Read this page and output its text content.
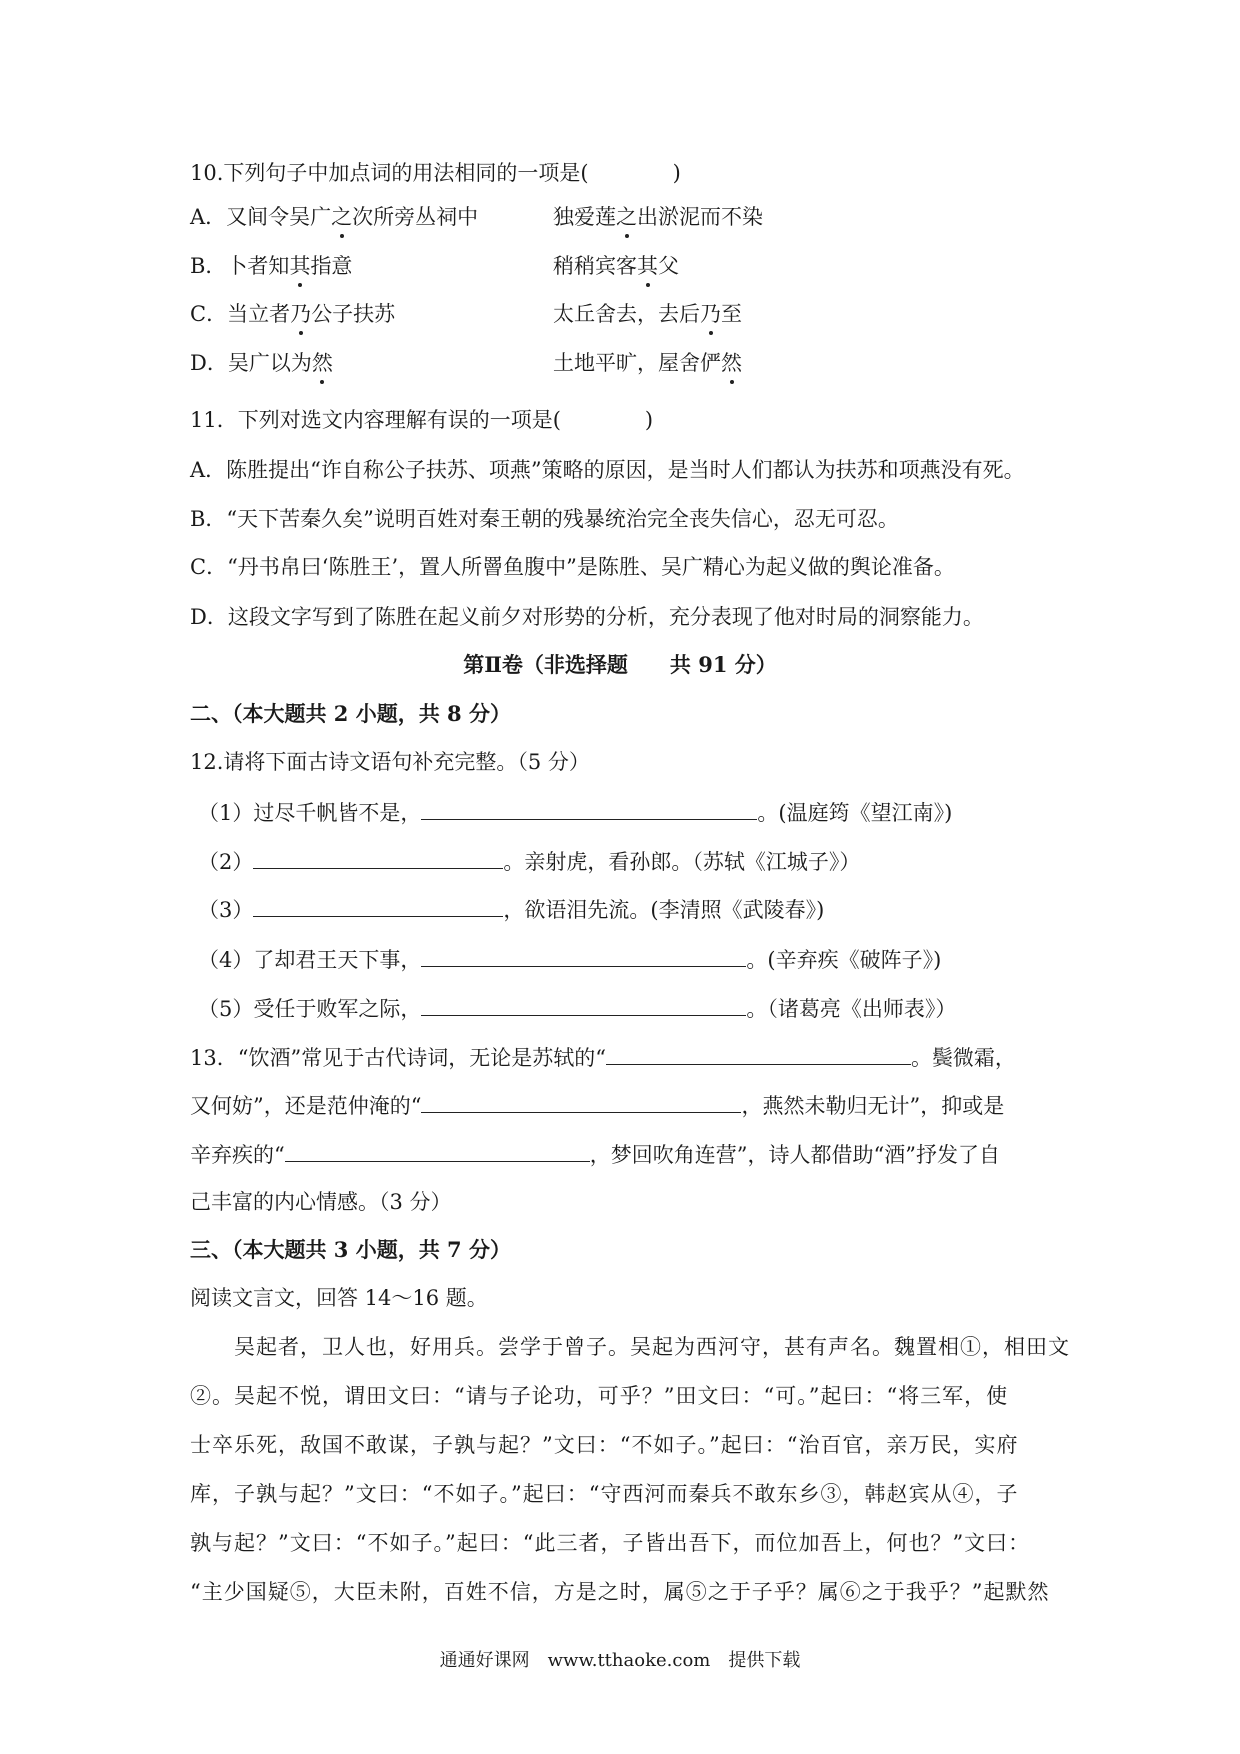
10.下列句子中加点词的用法相同的一项是(　　　　)
A．又间令吴广之次所旁丛祠中	独爱莲之出淤泥而不染
B．卜者知其指意	稍稍宾客其父
C．当立者乃公子扶苏	太丘舍去，去后乃至
D．吴广以为然	土地平旷，屋舍俨然
11．下列对选文内容理解有误的一项是(　　　　)
A．陈胜提出“诈自称公子扶苏、项燕”策略的原因，是当时人们都认为扶苏和项燕没有死。
B．“天下苦秦久矣”说明百姓对秦王朝的残暴统治完全丧失信心，忍无可忍。
C．“丹书帛曰‘陈胜王’，置人所罾鱼腹中”是陈胜、吴广精心为起义做的舆论准备。
D．这段文字写到了陈胜在起义前夕对形势的分析，充分表现了他对时局的洞察能力。
第Ⅱ卷（非选择题　　共 91 分）
二、（本大题共 2 小题，共 8 分）
12.请将下面古诗文语句补充完整。（5 分）
（1）过尽千帆皆不是，	。(温庭筠《望江南》)
（2）	。亲射虎，看孙郎。（苏轼《江城子》）
（3）	，欲语泪先流。(李清照《武陵春》)
（4）了却君王天下事，	。(辛弃疾《破阵子》)
（5）受任于败军之际，	。（诸葛亮《出师表》）
13．“饮酒”常见于古代诗词，无论是苏轼的“	。鬓微霜，
又何妨”，还是范仲淹的“	，燕然未勒归无计”，抑或是
辛弃疾的“	，梦回吹角连营”，诗人都借助“酒”抒发了自
己丰富的内心情感。（3 分）
三、（本大题共 3 小题，共 7 分）
阅读文言文，回答 14～16 题。
　　吴起者，卫人也，好用兵。尝学于曾子。吴起为西河守，甚有声名。魏置相①，相田文
②。吴起不悦，谓田文曰：“请与子论功，可乎？”田文曰：“可。”起曰：“将三军，使
士卒乐死，敌国不敢谋，子孰与起？”文曰：“不如子。”起曰：“治百官，亲万民，实府
库，子孰与起？”文曰：“不如子。”起曰：“守西河而秦兵不敢东乡③，韩赵宾从④，子
孰与起？”文曰：“不如子。”起曰：“此三者，子皆出吾下，而位加吾上，何也？”文曰：
“主少国疑⑤，大臣未附，百姓不信，方是之时，属⑤之于子乎？属⑥之于我乎？”起默然
通通好课网　www.tthaoke.com　提供下载
